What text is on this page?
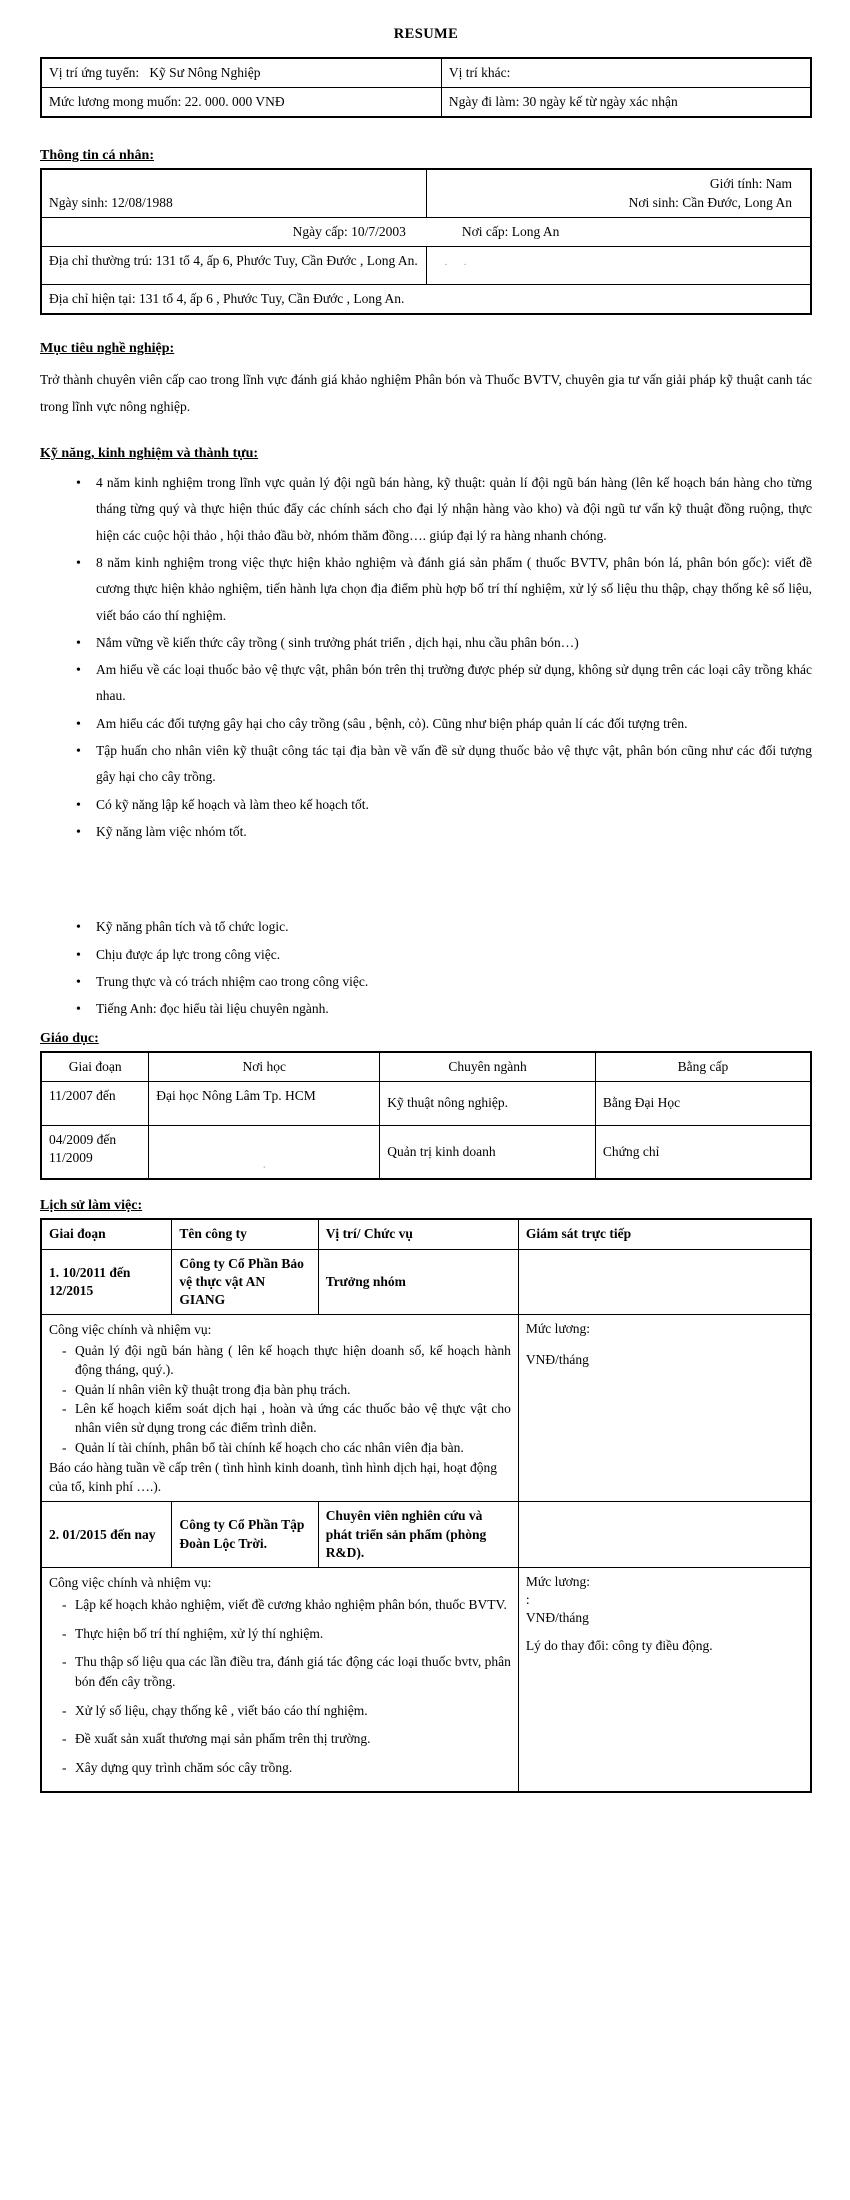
RESUME
Vị trí ứng tuyển: Kỹ Sư Nông Nghiệp	Vị trí khác:
Mức lương mong muốn: 22. 000. 000 VNĐ	Ngày đi làm: 30 ngày kế từ ngày xác nhận
Thông tin cá nhân:
Ngày sinh: 12/08/1988	Giới tính: Nam
Nơi sinh: Cần Đước, Long An

Ngày cấp: 10/7/2003 Nơi cấp: Long An	
Địa chỉ thường trú: 131 tổ 4, ấp 6, Phước Tuy, Cần Đước , Long An.	.      .
Địa chỉ hiện tại: 131 tổ 4, ấp 6 , Phước Tuy, Cần Đước , Long An.	
Mục tiêu nghề nghiệp:

Trở thành chuyên viên cấp cao trong lĩnh vực đánh giá khảo nghiệm Phân bón và Thuốc BVTV, chuyên gia tư vấn giải pháp kỹ thuật canh tác trong lĩnh vực nông nghiệp.

Kỹ năng, kinh nghiệm và thành tựu:
• 4 năm kinh nghiệm trong lĩnh vực quản lý đội ngũ bán hàng, kỹ thuật: quản lí đội ngũ bán hàng (lên kế hoạch bán hàng cho từng tháng từng quý và thực hiện thúc đẩy các chính sách cho đại lý nhận hàng vào kho) và đội ngũ tư vấn kỹ thuật đồng ruộng, thực hiện các cuộc hội thảo , hội thảo đầu bờ, nhóm thăm đồng…. giúp đại lý ra hàng nhanh chóng.
• 8 năm kinh nghiệm trong việc thực hiện khảo nghiệm và đánh giá sản phẩm ( thuốc BVTV, phân bón lá, phân bón gốc): viết đề cương thực hiện khảo nghiệm, tiến hành lựa chọn địa điểm phù hợp bố trí thí nghiệm, xử lý số liệu thu thập, chạy thống kê số liệu, viết báo cáo thí nghiệm.
• Nắm vững về kiến thức cây trồng ( sinh trưởng phát triển , dịch hại, nhu cầu phân bón…)
• Am hiểu về các loại thuốc bảo vệ thực vật, phân bón trên thị trường được phép sử dụng, không sử dụng trên các loại cây trồng khác nhau.
• Am hiểu các đối tượng gây hại cho cây trồng (sâu , bệnh, cỏ). Cũng như biện pháp quản lí các đối tượng trên.
• Tập huấn cho nhân viên kỹ thuật công tác tại địa bàn về vấn đề sử dụng thuốc bảo vệ thực vật, phân bón cũng như các đối tượng gây hại cho cây trồng.
• Có kỹ năng lập kế hoạch và làm theo kế hoạch tốt.
• Kỹ năng làm việc nhóm tốt.
• Kỹ năng phân tích và tổ chức logic.
• Chịu được áp lực trong công việc.
• Trung thực và có trách nhiệm cao trong công việc.
• Tiếng Anh: đọc hiểu tài liệu chuyên ngành.
Giáo dục:
Giai đoạn	Nơi học	Chuyên ngành	Bằng cấp

11/2007 đến	Đại học Nông Lâm Tp. HCM	Kỹ thuật nông nghiệp.	Bằng Đại Học
04/2009 đến 11/2009	.	Quản trị kinh doanh	Chứng chỉ
Lịch sử làm việc:
Giai đoạn	Tên công ty	Vị trí/ Chức vụ	Giám sát trực tiếp
1. 10/2011 đến 12/2015	Công ty Cổ Phần Bảo vệ thực vật AN GIANG	Trưởng nhóm	

Công việc chính và nhiệm vụ:
- Quản lý đội ngũ bán hàng ( lên kế hoạch thực hiện doanh số, kế hoạch hành động tháng, quý.).
- Quản lí nhân viên kỹ thuật trong địa bàn phụ trách.
- Lên kế hoạch kiểm soát dịch hại , hoàn và ứng các thuốc bảo vệ thực vật cho nhân viên sử dụng trong các điểm trình diễn.
- Quản lí tài chính, phân bổ tài chính kế hoạch cho các nhân viên địa bàn.
Báo cáo hàng tuần về cấp trên ( tình hình kinh doanh, tình hình dịch hại, hoạt động của tổ, kinh phí ….).

Mức lương:
VNĐ/tháng

2. 01/2015 đến nay	Công ty Cổ Phần Tập Đoàn Lộc Trời.	Chuyên viên nghiên cứu và phát triển sản phẩm (phòng R&D).	

Công việc chính và nhiệm vụ:
- Lập kế hoạch khảo nghiệm, viết đề cương khảo nghiệm phân bón, thuốc BVTV.
- Thực hiện bố trí thí nghiệm, xử lý thí nghiệm.
- Thu thập số liệu qua các lần điều tra, đánh giá tác động các loại thuốc bvtv, phân bón đến cây trồng.
- Xử lý số liệu, chạy thống kê , viết báo cáo thí nghiệm.
- Đề xuất sản xuất thương mại sản phẩm trên thị trường.
- Xây dựng quy trình chăm sóc cây trồng.

Mức lương:
:
VNĐ/tháng
Lý do thay đổi: công ty điều động.
